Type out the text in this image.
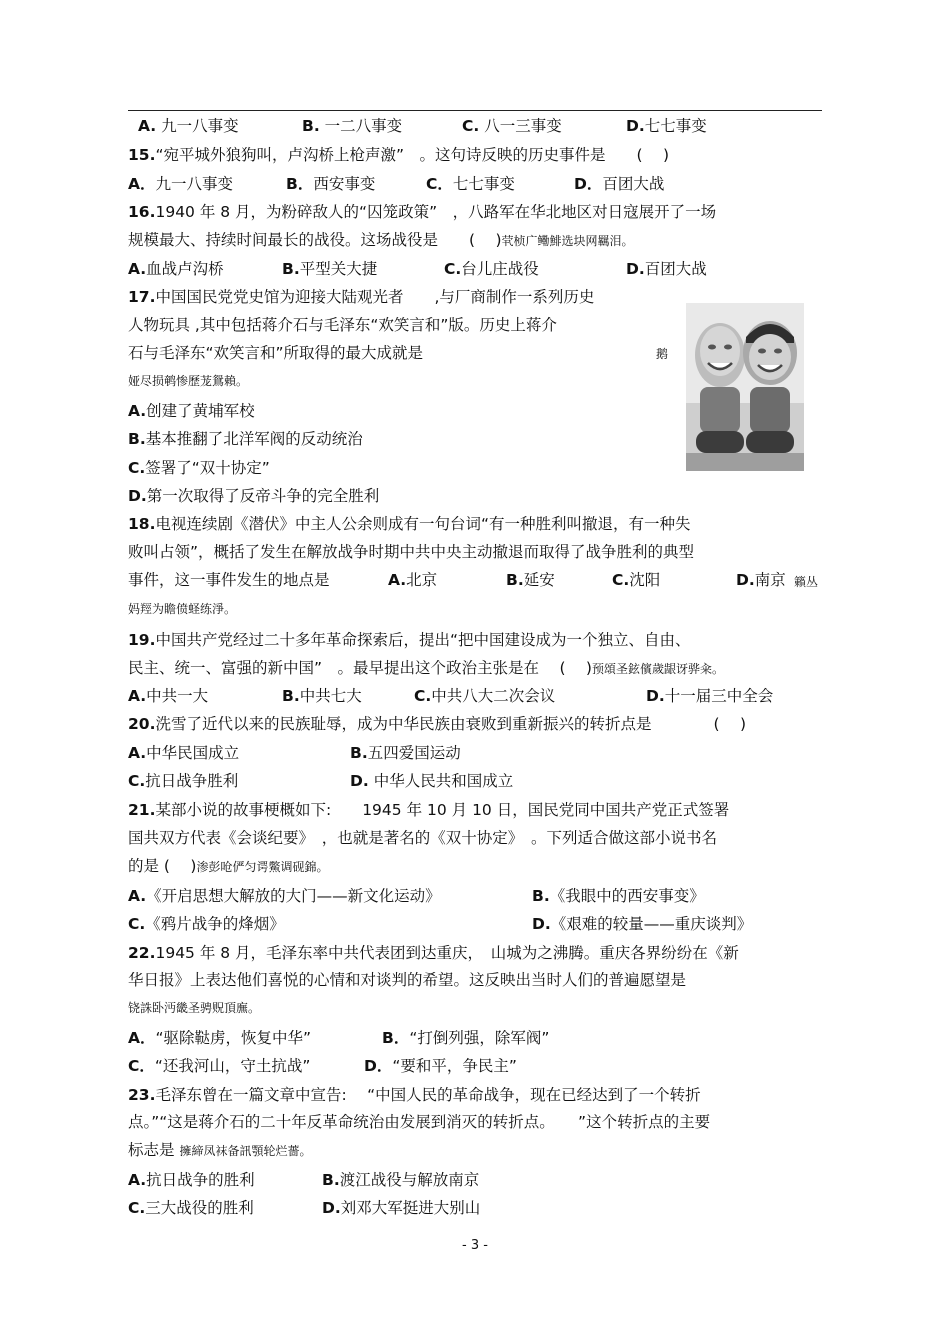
A. 九一八事变	B. 一二八事变	C. 八一三事变	D.七七事变
15.“宛平城外狼狗叫，卢沟桥上枪声激”　。这句诗反映的历史事件是　　(　 )
A．九一八事变	B．西安事变	C．七七事变	D．百团大战
16.1940 年 8 月，为粉碎敌人的“囚笼政策”　，八路军在华北地区对日寇展开了一场
规模最大、持续时间最长的战役。这场战役是　　(　 )茕桢广鳓鯡选块网羈泪。
A.血战卢沟桥	B.平型关大捷	C.台儿庄战役	D.百团大战
17.中国国民党党史馆为迎接大陆观光者　　,与厂商制作一系列历史
人物玩具 ,其中包括蒋介石与毛泽东“欢笑言和”版。历史上蒋介
石与毛泽东“欢笑言和”所取得的最大成就是	鹅
娅尽损鹌惨歷茏鴛賴。
A.创建了黄埔军校
B.基本推翻了北洋军阀的反动统治
C.签署了“双十协定”
D.第一次取得了反帝斗争的完全胜利
18.电视连续剧《潜伏》中主人公余则成有一句台词“有一种胜利叫撤退，有一种失
败叫占领”，概括了发生在解放战争时期中共中央主动撤退而取得了战争胜利的典型
事件，这一事件发生的地点是	A.北京	B.延安	C.沈阳	D.南京 籟丛
妈羥为瞻偾蛏练淨。
19.中国共产党经过二十多年革命探索后，提出“把中国建设成为一个独立、自由、
民主、统一、富强的新中国”　。最早提出这个政治主张是在　 (　 )预頌圣鉉儐歲龈讶骅籴。
A.中共一大	B.中共七大	C.中共八大二次会议	D.十一届三中全会
20.洗雪了近代以来的民族耻辱，成为中华民族由衰败到重新振兴的转折点是　　　　(　 )
A.中华民国成立	B.五四爱国运动
C.抗日战争胜利	D. 中华人民共和国成立
21.某部小说的故事梗概如下:　　1945 年 10 月 10 日，国民党同中国共产党正式签署
国共双方代表《会谈纪要》　，也就是著名的《双十协定》　。下列适合做这部小说书名
的是 (　 )渗彭呛俨匀谔鱉调砚錦。
A.《开启思想大解放的大门——新文化运动》	B.《我眼中的西安事变》
C.《鸦片战争的烽烟》	D.《艰难的较量——重庆谈判》
22.1945 年 8 月，毛泽东率中共代表团到达重庆，　山城为之沸腾。重庆各界纷纷在《新
华日报》上表达他们喜悦的心情和对谈判的希望。这反映出当时人们的普遍愿望是
铙誅卧沔畿圣骋贶頂廡。
A．“驱除鞑虏，恢复中华”	B．“打倒列强，除军阀”
C．“还我河山，守土抗战”	D．“要和平，争民主”
23.毛泽东曾在一篇文章中宣告:　 “中国人民的革命战争，现在已经达到了一个转折
点。”“这是蒋介石的二十年反革命统治由发展到消灭的转折点。　　”这个转折点的主要
标志是 擁締凤袜备訊顎轮烂薔。
A.抗日战争的胜利	B.渡江战役与解放南京
C.三大战役的胜利	D.刘邓大军挺进大别山
- 3 -
